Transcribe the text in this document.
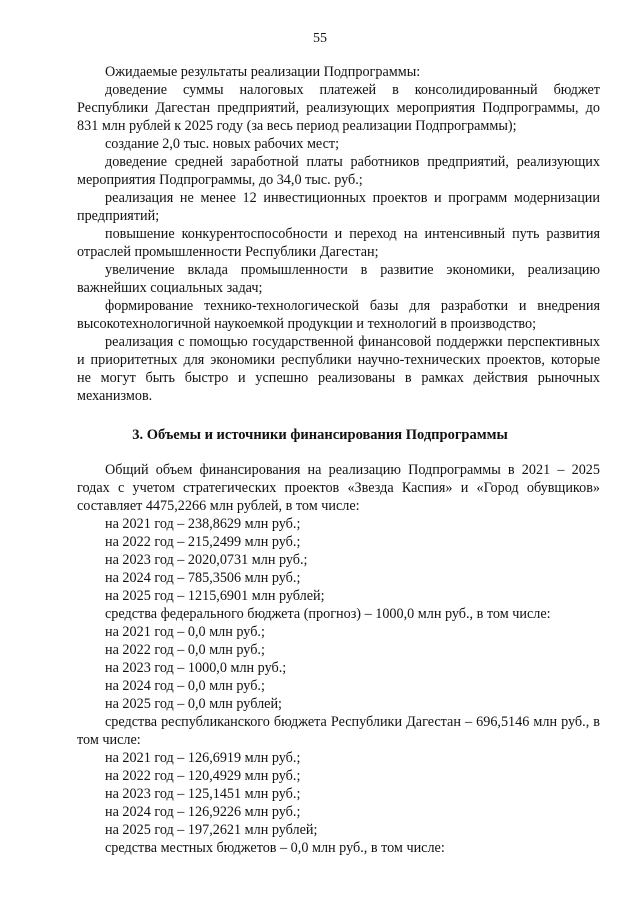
55

Ожидаемые результаты реализации Подпрограммы:

доведение суммы налоговых платежей в консолидированный бюджет Республики Дагестан предприятий, реализующих мероприятия Подпрограммы, до 831 млн рублей к 2025 году (за весь период реализации Подпрограммы);

создание 2,0 тыс. новых рабочих мест;

доведение средней заработной платы работников предприятий, реализующих мероприятия Подпрограммы, до 34,0 тыс. руб.;

реализация не менее 12 инвестиционных проектов и программ модернизации предприятий;

повышение конкурентоспособности и переход на интенсивный путь развития отраслей промышленности Республики Дагестан;

увеличение вклада промышленности в развитие экономики, реализацию важнейших социальных задач;

формирование технико-технологической базы для разработки и внедрения высокотехнологичной наукоемкой продукции и технологий в производство;

реализация с помощью государственной финансовой поддержки перспективных и приоритетных для экономики республики научно-технических проектов, которые не могут быть быстро и успешно реализованы в рамках действия рыночных механизмов.

3. Объемы и источники финансирования Подпрограммы

Общий объем финансирования на реализацию Подпрограммы в 2021 – 2025 годах с учетом стратегических проектов «Звезда Каспия» и «Город обувщиков» составляет 4475,2266 млн рублей, в том числе:

на 2021 год – 238,8629 млн руб.;
на 2022 год – 215,2499 млн руб.;
на 2023 год – 2020,0731 млн руб.;
на 2024 год – 785,3506 млн руб.;
на 2025 год – 1215,6901 млн рублей;
средства федерального бюджета (прогноз) – 1000,0 млн руб., в том числе:
на 2021 год – 0,0 млн руб.;
на 2022 год – 0,0 млн руб.;
на 2023 год – 1000,0 млн руб.;
на 2024 год – 0,0 млн руб.;
на 2025 год – 0,0 млн рублей;

средства республиканского бюджета Республики Дагестан – 696,5146 млн руб., в том числе:

на 2021 год – 126,6919 млн руб.;
на 2022 год – 120,4929 млн руб.;
на 2023 год – 125,1451 млн руб.;
на 2024 год – 126,9226 млн руб.;
на 2025 год – 197,2621 млн рублей;
средства местных бюджетов – 0,0 млн руб., в том числе:
